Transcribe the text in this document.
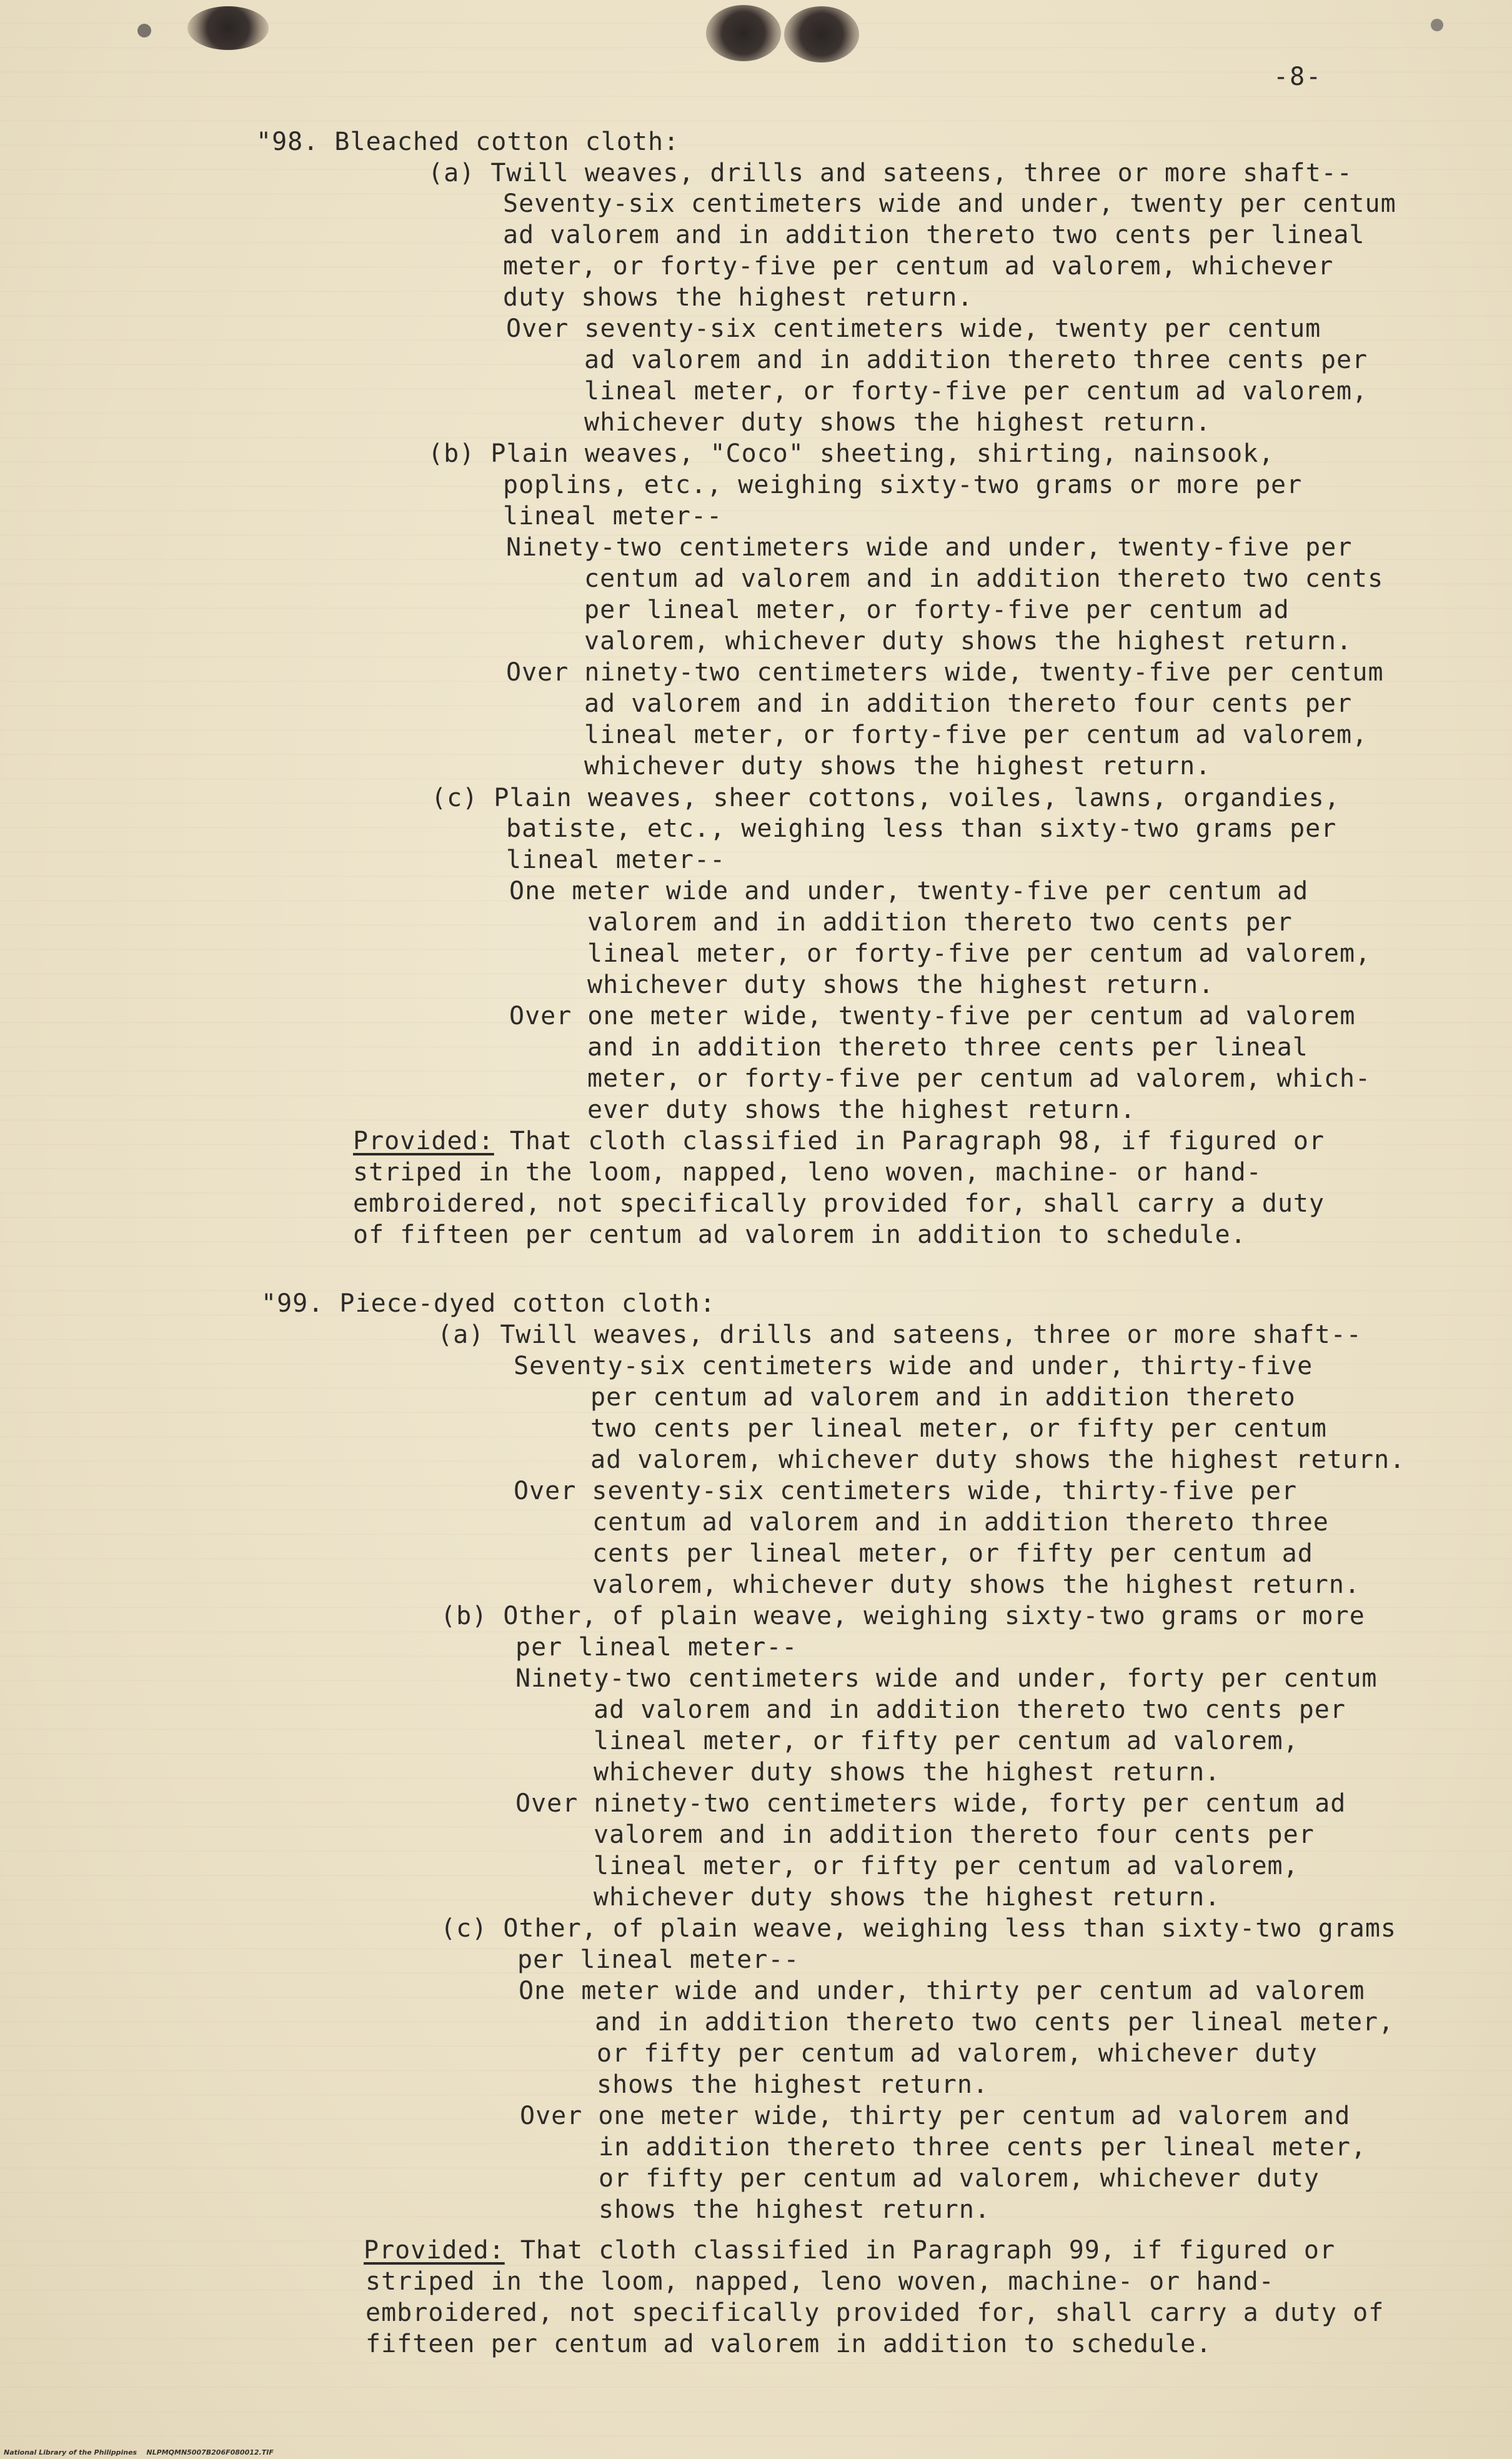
-8-
"98. Bleached cotton cloth:
(a) Twill weaves, drills and sateens, three or more shaft--
Seventy-six centimeters wide and under, twenty per centum
ad valorem and in addition thereto two cents per lineal
meter, or forty-five per centum ad valorem, whichever
duty shows the highest return.
Over seventy-six centimeters wide, twenty per centum
ad valorem and in addition thereto three cents per
lineal meter, or forty-five per centum ad valorem,
whichever duty shows the highest return.
(b) Plain weaves, "Coco" sheeting, shirting, nainsook,
poplins, etc., weighing sixty-two grams or more per
lineal meter--
Ninety-two centimeters wide and under, twenty-five per
centum ad valorem and in addition thereto two cents
per lineal meter, or forty-five per centum ad
valorem, whichever duty shows the highest return.
Over ninety-two centimeters wide, twenty-five per centum
ad valorem and in addition thereto four cents per
lineal meter, or forty-five per centum ad valorem,
whichever duty shows the highest return.
(c) Plain weaves, sheer cottons, voiles, lawns, organdies,
batiste, etc., weighing less than sixty-two grams per
lineal meter--
One meter wide and under, twenty-five per centum ad
valorem and in addition thereto two cents per
lineal meter, or forty-five per centum ad valorem,
whichever duty shows the highest return.
Over one meter wide, twenty-five per centum ad valorem
and in addition thereto three cents per lineal
meter, or forty-five per centum ad valorem, which-
ever duty shows the highest return.
Provided: That cloth classified in Paragraph 98, if figured or
striped in the loom, napped, leno woven, machine- or hand-
embroidered, not specifically provided for, shall carry a duty
of fifteen per centum ad valorem in addition to schedule.
"99. Piece-dyed cotton cloth:
(a) Twill weaves, drills and sateens, three or more shaft--
Seventy-six centimeters wide and under, thirty-five
per centum ad valorem and in addition thereto
two cents per lineal meter, or fifty per centum
ad valorem, whichever duty shows the highest return.
Over seventy-six centimeters wide, thirty-five per
centum ad valorem and in addition thereto three
cents per lineal meter, or fifty per centum ad
valorem, whichever duty shows the highest return.
(b) Other, of plain weave, weighing sixty-two grams or more
per lineal meter--
Ninety-two centimeters wide and under, forty per centum
ad valorem and in addition thereto two cents per
lineal meter, or fifty per centum ad valorem,
whichever duty shows the highest return.
Over ninety-two centimeters wide, forty per centum ad
valorem and in addition thereto four cents per
lineal meter, or fifty per centum ad valorem,
whichever duty shows the highest return.
(c) Other, of plain weave, weighing less than sixty-two grams
per lineal meter--
One meter wide and under, thirty per centum ad valorem
and in addition thereto two cents per lineal meter,
or fifty per centum ad valorem, whichever duty
shows the highest return.
Over one meter wide, thirty per centum ad valorem and
in addition thereto three cents per lineal meter,
or fifty per centum ad valorem, whichever duty
shows the highest return.
Provided: That cloth classified in Paragraph 99, if figured or
striped in the loom, napped, leno woven, machine- or hand-
embroidered, not specifically provided for, shall carry a duty of
fifteen per centum ad valorem in addition to schedule.
National Library of the Philippines    NLPMQMN5007B206F080012.TIF
